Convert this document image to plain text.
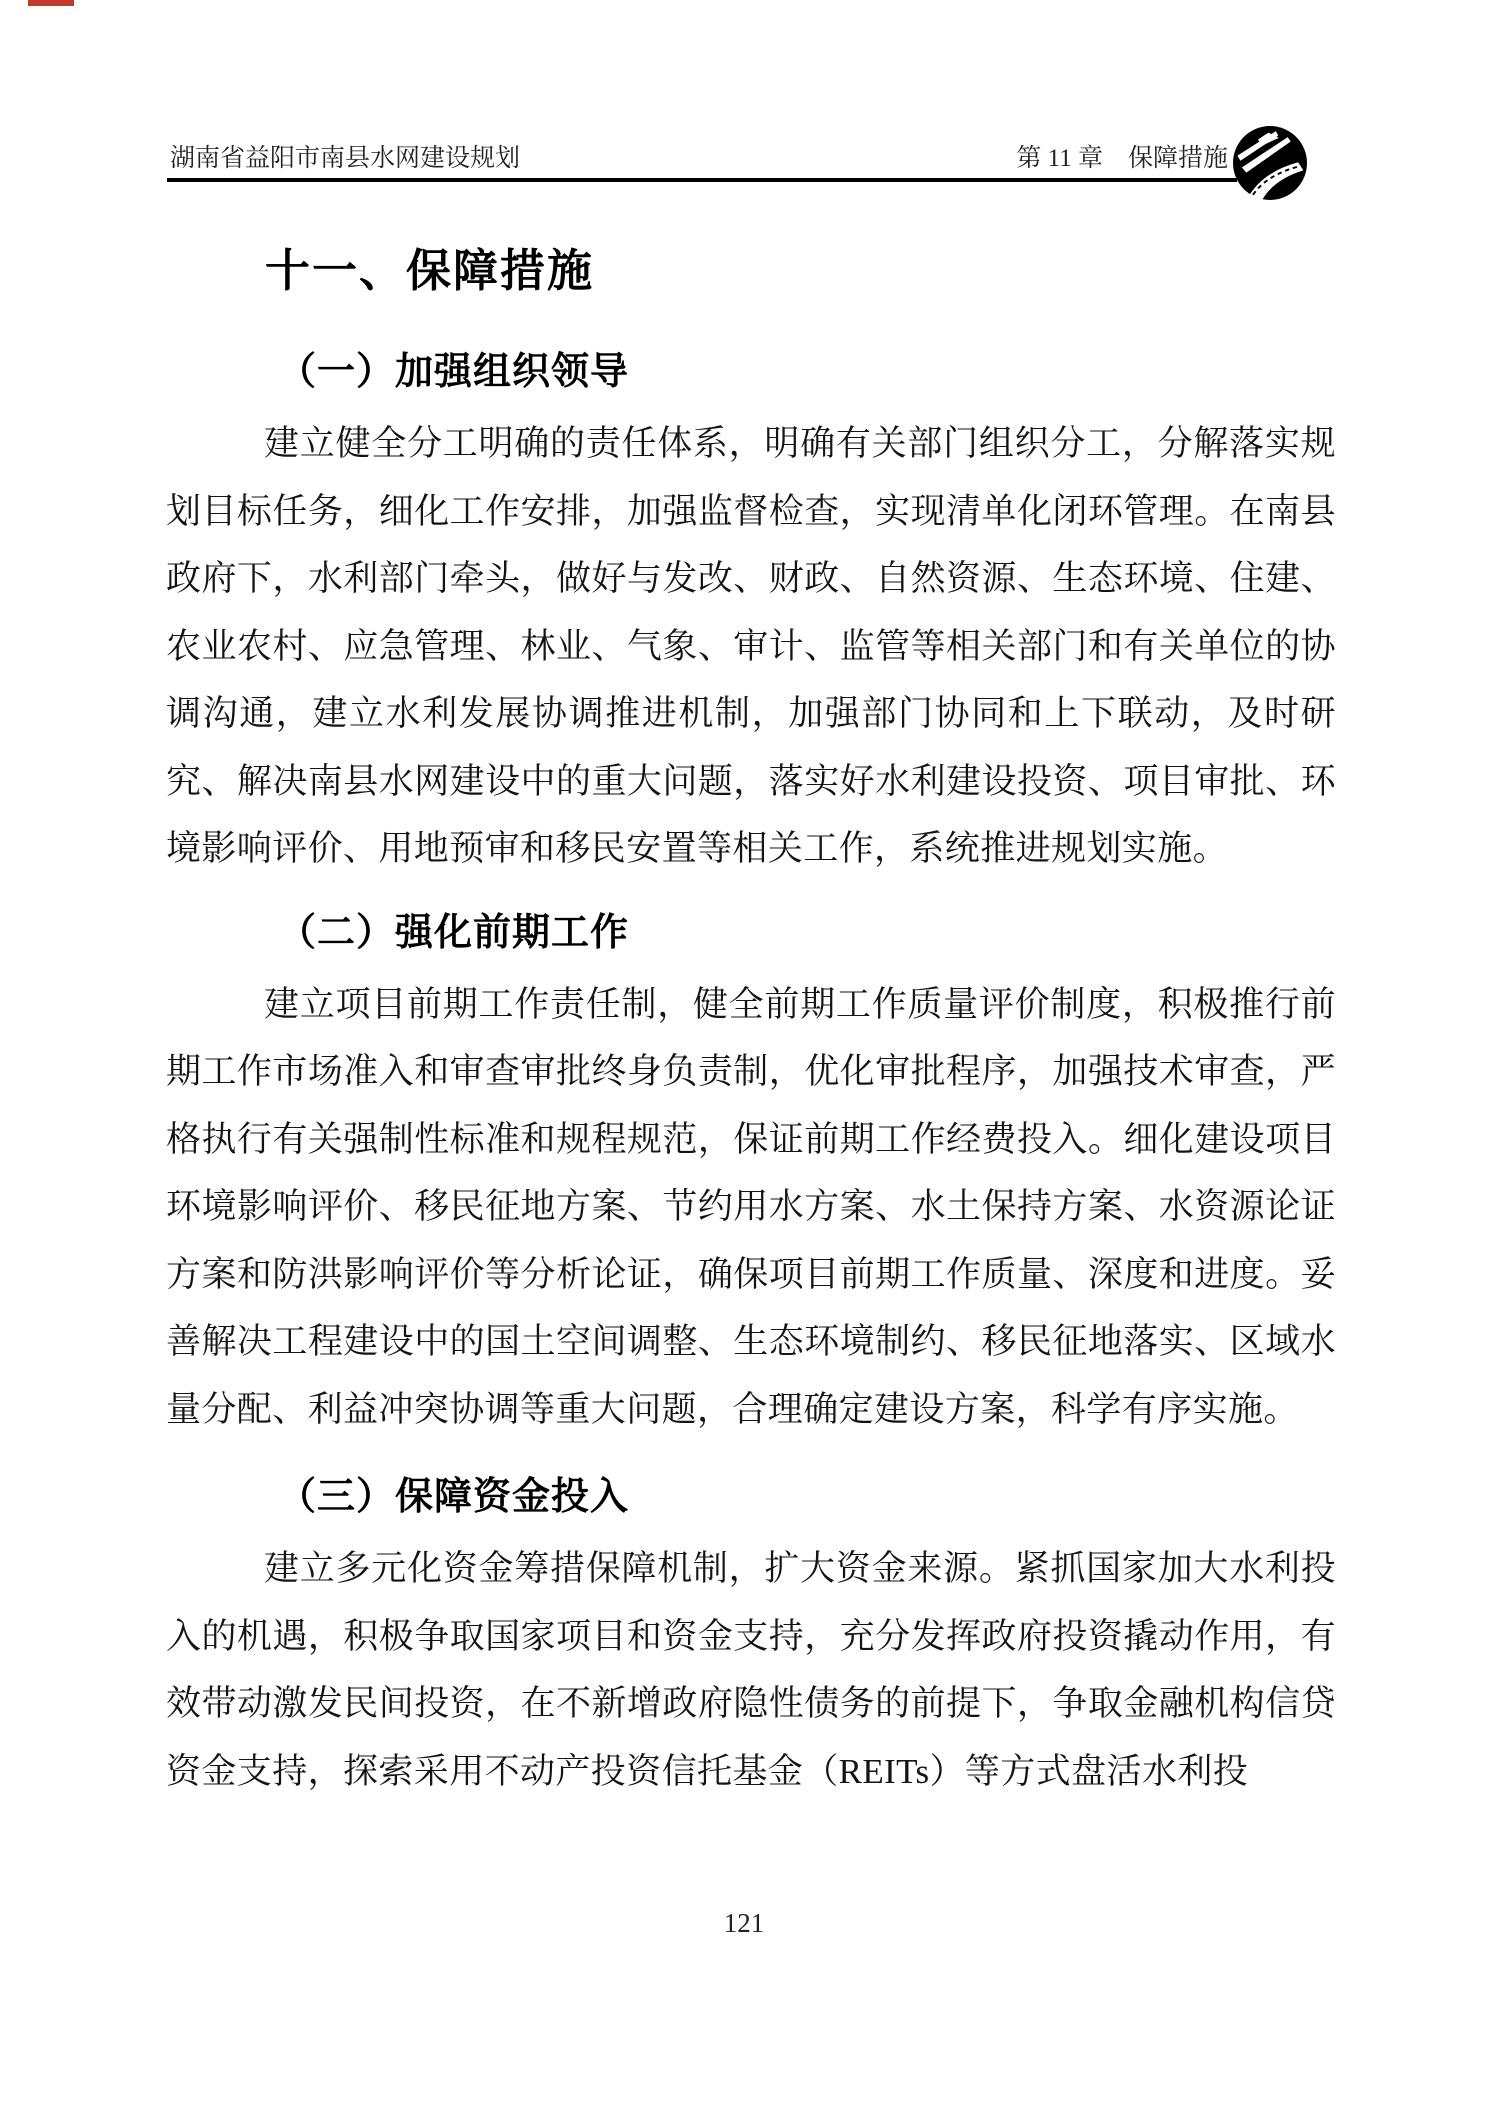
湖南省益阳市南县水网建设规划	第 11 章　保障措施
十一、保障措施
（一）加强组织领导

建立健全分工明确的责任体系，明确有关部门组织分工，分解落实规划目标任务，细化工作安排，加强监督检查，实现清单化闭环管理。在南县政府下，水利部门牵头，做好与发改、财政、自然资源、生态环境、住建、农业农村、应急管理、林业、气象、审计、监管等相关部门和有关单位的协调沟通，建立水利发展协调推进机制，加强部门协同和上下联动，及时研究、解决南县水网建设中的重大问题，落实好水利建设投资、项目审批、环境影响评价、用地预审和移民安置等相关工作，系统推进规划实施。

（二）强化前期工作

建立项目前期工作责任制，健全前期工作质量评价制度，积极推行前期工作市场准入和审查审批终身负责制，优化审批程序，加强技术审查，严格执行有关强制性标准和规程规范，保证前期工作经费投入。细化建设项目环境影响评价、移民征地方案、节约用水方案、水土保持方案、水资源论证方案和防洪影响评价等分析论证，确保项目前期工作质量、深度和进度。妥善解决工程建设中的国土空间调整、生态环境制约、移民征地落实、区域水量分配、利益冲突协调等重大问题，合理确定建设方案，科学有序实施。

（三）保障资金投入

建立多元化资金筹措保障机制，扩大资金来源。紧抓国家加大水利投入的机遇，积极争取国家项目和资金支持，充分发挥政府投资撬动作用，有效带动激发民间投资，在不新增政府隐性债务的前提下，争取金融机构信贷资金支持，探索采用不动产投资信托基金（REITs）等方式盘活水利投

121
